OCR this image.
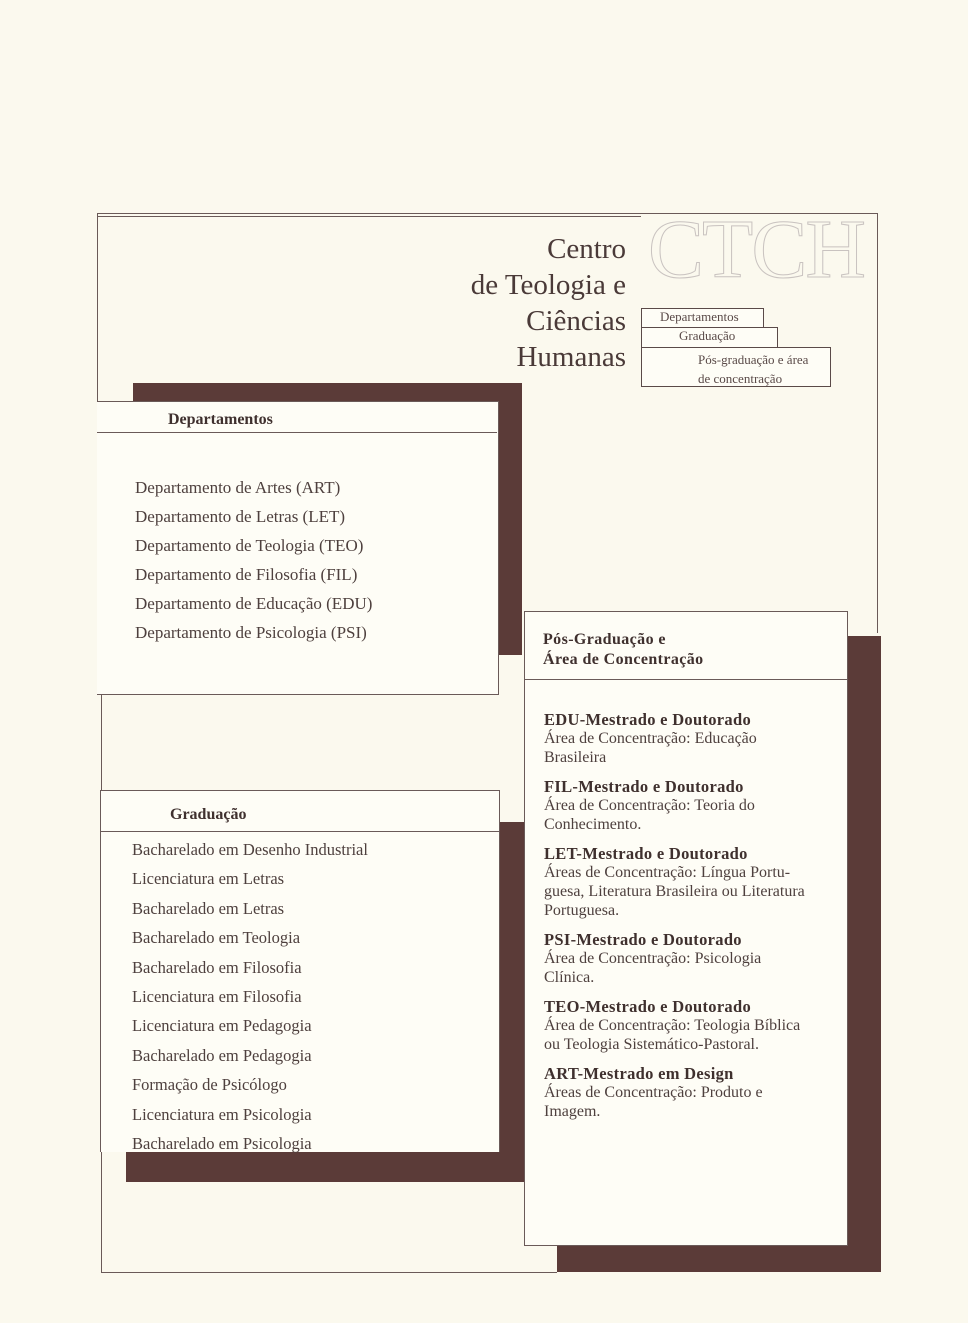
Centro
de Teologia e
Ciências
Humanas
CTCH
Departamentos
Graduação
Pós-graduação e área
de concentração
Departamentos
Departamento de Artes (ART)
Departamento de Letras (LET)
Departamento de Teologia (TEO)
Departamento de Filosofia (FIL)
Departamento de Educação (EDU)
Departamento de Psicologia (PSI)
Graduação
Bacharelado em Desenho Industrial
Licenciatura em Letras
Bacharelado em Letras
Bacharelado em Teologia
Bacharelado em Filosofia
Licenciatura em Filosofia
Licenciatura em Pedagogia
Bacharelado em Pedagogia
Formação de Psicólogo
Licenciatura em Psicologia
Bacharelado em Psicologia
Pós-Graduação e
Área de Concentração
EDU-Mestrado e Doutorado
Área de Concentração: Educação
Brasileira
FIL-Mestrado e Doutorado
Área de Concentração: Teoria do
Conhecimento.
LET-Mestrado e Doutorado
Áreas de Concentração: Língua Portu-
guesa, Literatura Brasileira ou Literatura
Portuguesa.
PSI-Mestrado e Doutorado
Área de Concentração: Psicologia
Clínica.
TEO-Mestrado e Doutorado
Área de Concentração: Teologia Bíblica
ou Teologia Sistemático-Pastoral.
ART-Mestrado em Design
Áreas de Concentração: Produto e
Imagem.
